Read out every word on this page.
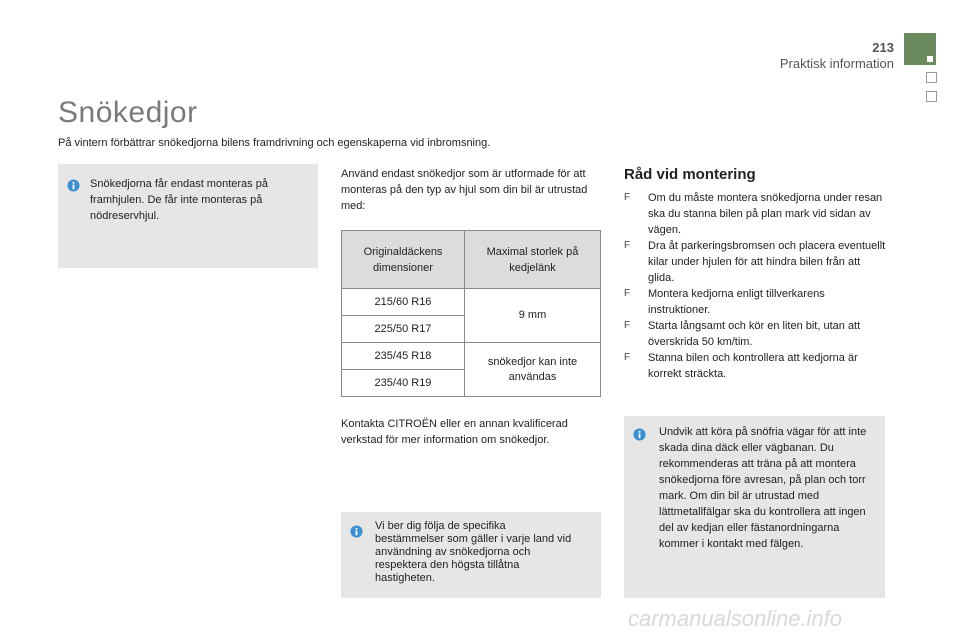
213
Praktisk information
Snökedjor

På vintern förbättrar snökedjorna bilens framdrivning och egenskaperna vid inbromsning.

Snökedjorna får endast monteras på framhjulen. De får inte monteras på nödreservhjul.
Använd endast snökedjor som är utformade för att monteras på den typ av hjul som din bil är utrustad med:
Originaldäckens dimensioner	Maximal storlek på kedjelänk
215/60 R16	9 mm
225/50 R17	
235/45 R18	snökedjor kan inte användas
235/40 R19	
Kontakta CITROËN eller en annan kvalificerad verkstad för mer information om snökedjor.
Vi ber dig följa de specifika bestämmelser som gäller i varje land vid användning av snökedjorna och respektera den högsta tillåtna hastigheten.
Råd vid montering
F Om du måste montera snökedjorna under resan ska du stanna bilen på plan mark vid sidan av vägen.
F Dra åt parkeringsbromsen och placera eventuellt kilar under hjulen för att hindra bilen från att glida.
F Montera kedjorna enligt tillverkarens instruktioner.
F Starta långsamt och kör en liten bit, utan att överskrida 50 km/tim.
F Stanna bilen och kontrollera att kedjorna är korrekt sträckta.
Undvik att köra på snöfria vägar för att inte skada dina däck eller vägbanan. Du rekommenderas att träna på att montera snökedjorna före avresan, på plan och torr mark. Om din bil är utrustad med lättmetallfälgar ska du kontrollera att ingen del av kedjan eller fästanordningarna kommer i kontakt med fälgen.
carmanualsonline.info
